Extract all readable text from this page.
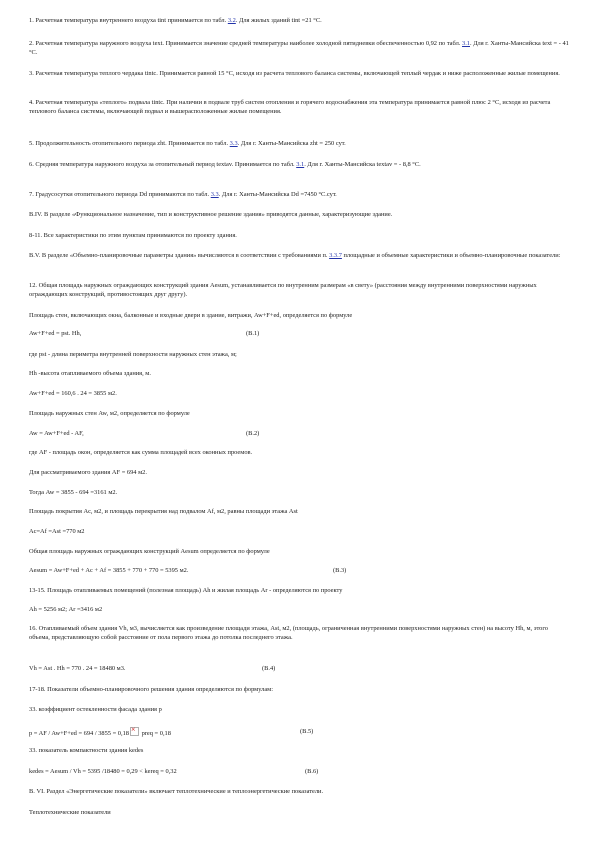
1. Расчетная температура внутреннего воздуха tint принимается по табл. 3.2. Для жилых зданий tint =21 °С.
2. Расчетная температура наружного воздуха text. Принимается значение средней температуры наиболее холодной пятидневки обеспеченностью 0,92 по табл. 3.1. Для г. Ханты-Мансийска text = - 41 °С.
3. Расчетная температура теплого чердака tintc. Принимается равной 15 °С, исходя из расчета теплового баланса системы, включающей теплый чердак и ниже расположенные жилые помещения.
4. Расчетная температура «теплого» подвала tintc. При наличии в подвале труб систем отопления и горячего водоснабжения эта температура принимается равной плюс 2 °С, исходя из расчета теплового баланса системы, включающей подвал и вышерасположенные жилые помещения.
5. Продолжительность отопительного периода zht. Принимается по табл. 3.3. Для г. Ханты-Мансийска zht = 250 сут.
6. Средняя температура наружного воздуха за отопительный период textav. Принимается по табл. 3.1. Для г. Ханты-Мансийска textav = - 8,8 °С.
7. Градусосутки отопительного периода Dd принимаются по табл. 3.3. Для г. Ханты-Мансийска Dd =7450 °С.сут.
В.IV. В разделе «Функциональное назначение, тип и конструктивное решение здания» приводятся данные, характеризующие здание.
8-11. Все характеристики по этим пунктам принимаются по проекту здания.
В.V. В разделе «Объемно-планировочные параметры здания» вычисляются в соответствии с требованиями п. 3.3.7 площадные и объемные характеристики и объемно-планировочные показатели:
12. Общая площадь наружных ограждающих конструкций здания Aesum, устанавливается по внутренним размерам «в свету» (расстояния между внутренними поверхностями наружных ограждающих конструкций, противостоящих друг другу).
Площадь стен, включающих окна, балконные и входные двери в здание, витражи, Aw+F+ed, определяется по формуле
Aw+F+ed = pst. Hh,	(В.1)
где pst - длина периметра внутренней поверхности наружных стен этажа, м;
Hh -высота отапливаемого объема здания, м.
Aw+F+ed = 160,6 . 24 = 3855 м2.
Площадь наружных стен Aw, м2, определяется по формуле
Aw = Aw+F+ed - AF,	(В.2)
где AF - площадь окон, определяется как сумма площадей всех оконных проемов.
Для рассматриваемого здания AF = 694 м2.
Тогда Aw = 3855 - 694 =3161 м2.
Площадь покрытия Ac, м2, и площадь перекрытия над подвалом Af, м2, равны площади этажа Ast
Ac=Af =Ast =770 м2
Общая площадь наружных ограждающих конструкций Aesum определяется по формуле
Aesum = Aw+F+ed + Ac + Af = 3855 + 770 + 770 = 5395 м2.	(В.3)
13-15. Площадь отапливаемых помещений (полезная площадь) Ah и жилая площадь Ar - определяются по проекту
Ah = 5256 м2; Ar =3416 м2
16. Отапливаемый объем здания Vh, м3, вычисляется как произведение площади этажа, Ast, м2, (площадь, ограниченная внутренними поверхностями наружных стен) на высоту Hh, м, этого объема, представляющую собой расстояние от пола первого этажа до потолка последнего этажа.
Vh = Ast . Hh = 770 . 24 = 18480 м3.	(В.4)
17-18. Показатели объемно-планировочного решения здания определяются по формулам:
33. коэффициент остекленности фасада здания p
p = AF / Aw+F+ed = 694 / 3855 = 0,18× preq = 0,18	(В.5)
33. показатель компактности здания kedes
kedes = Aesum / Vh = 5395 /18480 = 0,29 < kereq = 0,32	(В.6)
В. VI. Раздел «Энергетические показатели» включает теплотехнические и теплоэнергетические показатели.
Теплотехнические показатели
